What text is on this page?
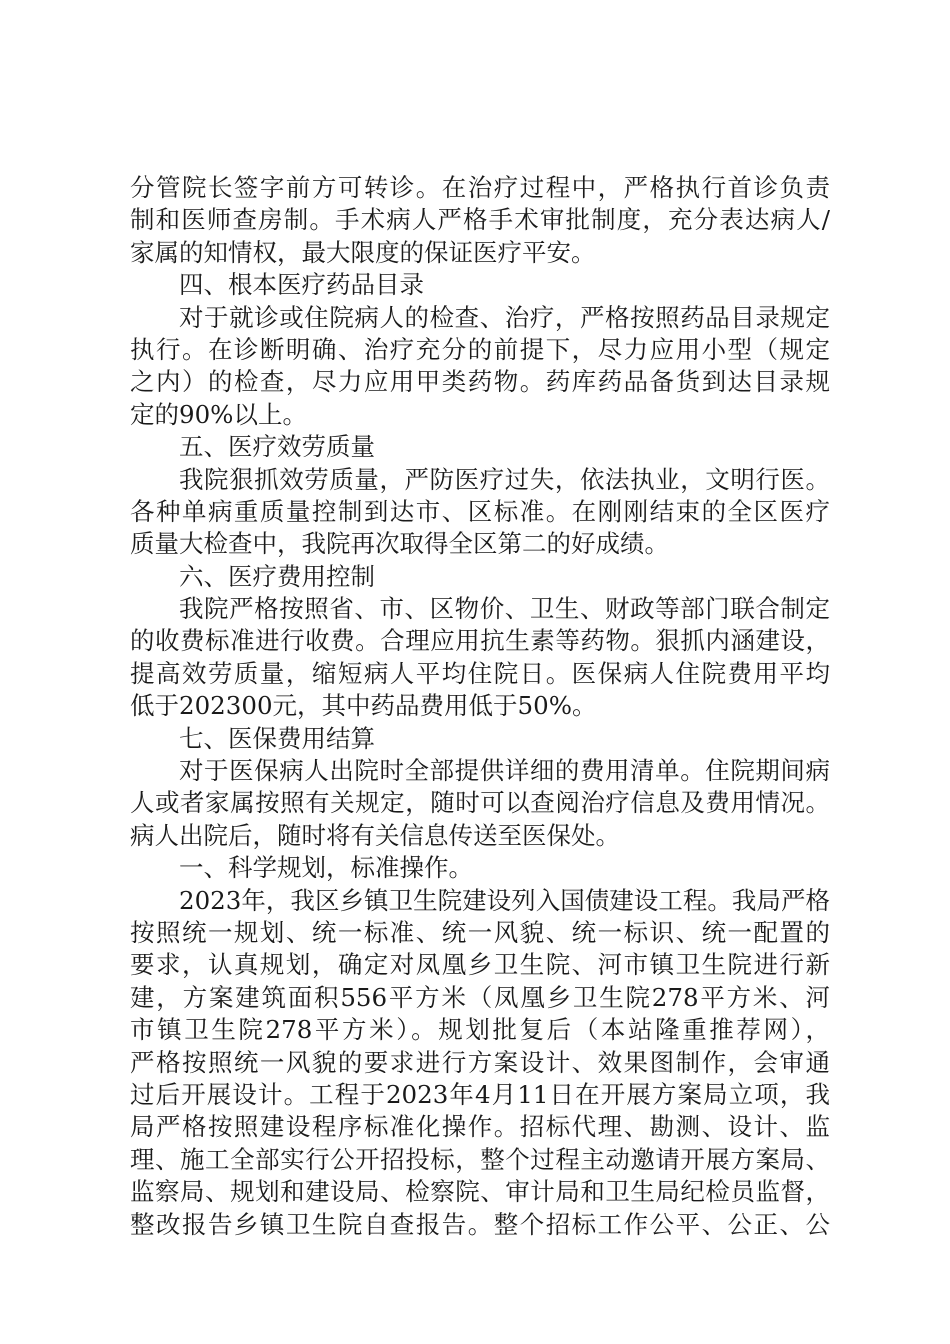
分管院长签字前方可转诊。在治疗过程中，严格执行首诊负责
制和医师查房制。手术病人严格手术审批制度，充分表达病人/
家属的知情权，最大限度的保证医疗平安。
四、根本医疗药品目录
对于就诊或住院病人的检查、治疗，严格按照药品目录规定
执行。在诊断明确、治疗充分的前提下，尽力应用小型（规定
之内）的检查，尽力应用甲类药物。药库药品备货到达目录规
定的90%以上。
五、医疗效劳质量
我院狠抓效劳质量，严防医疗过失，依法执业，文明行医。
各种单病重质量控制到达市、区标准。在刚刚结束的全区医疗
质量大检查中，我院再次取得全区第二的好成绩。
六、医疗费用控制
我院严格按照省、市、区物价、卫生、财政等部门联合制定
的收费标准进行收费。合理应用抗生素等药物。狠抓内涵建设，
提高效劳质量，缩短病人平均住院日。医保病人住院费用平均
低于202300元，其中药品费用低于50%。
七、医保费用结算
对于医保病人出院时全部提供详细的费用清单。住院期间病
人或者家属按照有关规定，随时可以查阅治疗信息及费用情况。
病人出院后，随时将有关信息传送至医保处。
一、科学规划，标准操作。
2023年，我区乡镇卫生院建设列入国债建设工程。我局严格
按照统一规划、统一标准、统一风貌、统一标识、统一配置的
要求，认真规划，确定对凤凰乡卫生院、河市镇卫生院进行新
建，方案建筑面积556平方米（凤凰乡卫生院278平方米、河
市镇卫生院278平方米）。规划批复后（本站隆重推荐网），
严格按照统一风貌的要求进行方案设计、效果图制作，会审通
过后开展设计。工程于2023年4月11日在开展方案局立项，我
局严格按照建设程序标准化操作。招标代理、勘测、设计、监
理、施工全部实行公开招投标，整个过程主动邀请开展方案局、
监察局、规划和建设局、检察院、审计局和卫生局纪检员监督，
整改报告乡镇卫生院自查报告。整个招标工作公平、公正、公
